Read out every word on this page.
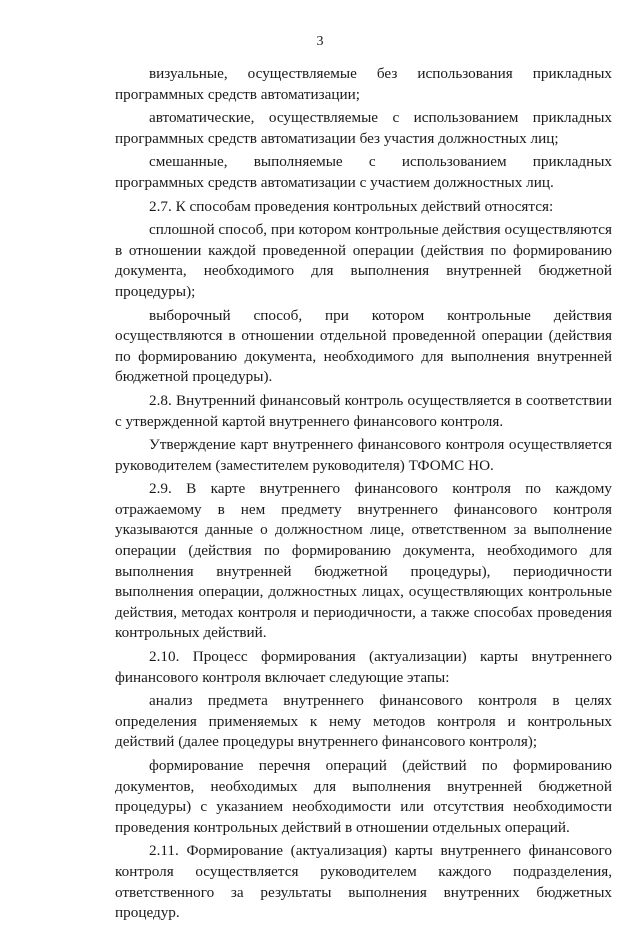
3

визуальные, осуществляемые без использования прикладных программных средств автоматизации;

автоматические, осуществляемые с использованием прикладных программных средств автоматизации без участия должностных лиц;

смешанные, выполняемые с использованием прикладных программных средств автоматизации с участием должностных лиц.

2.7. К способам проведения контрольных действий относятся:

сплошной способ, при котором контрольные действия осуществляются в отношении каждой проведенной операции (действия по формированию документа, необходимого для выполнения внутренней бюджетной процедуры);

выборочный способ, при котором контрольные действия осуществляются в отношении отдельной проведенной операции (действия по формированию документа, необходимого для выполнения внутренней бюджетной процедуры).

2.8. Внутренний финансовый контроль осуществляется в соответствии с утвержденной картой внутреннего финансового контроля.

Утверждение карт внутреннего финансового контроля осуществляется руководителем (заместителем руководителя) ТФОМС НО.

2.9. В карте внутреннего финансового контроля по каждому отражаемому в нем предмету внутреннего финансового контроля указываются данные о должностном лице, ответственном за выполнение операции (действия по формированию документа, необходимого для выполнения внутренней бюджетной процедуры), периодичности выполнения операции, должностных лицах, осуществляющих контрольные действия, методах контроля и периодичности, а также способах проведения контрольных действий.

2.10. Процесс формирования (актуализации) карты внутреннего финансового контроля включает следующие этапы:

анализ предмета внутреннего финансового контроля в целях определения применяемых к нему методов контроля и контрольных действий (далее процедуры внутреннего финансового контроля);

формирование перечня операций (действий по формированию документов, необходимых для выполнения внутренней бюджетной процедуры) с указанием необходимости или отсутствия необходимости проведения контрольных действий в отношении отдельных операций.

2.11. Формирование (актуализация) карты внутреннего финансового контроля осуществляется руководителем каждого подразделения, ответственного за результаты выполнения внутренних бюджетных процедур.
